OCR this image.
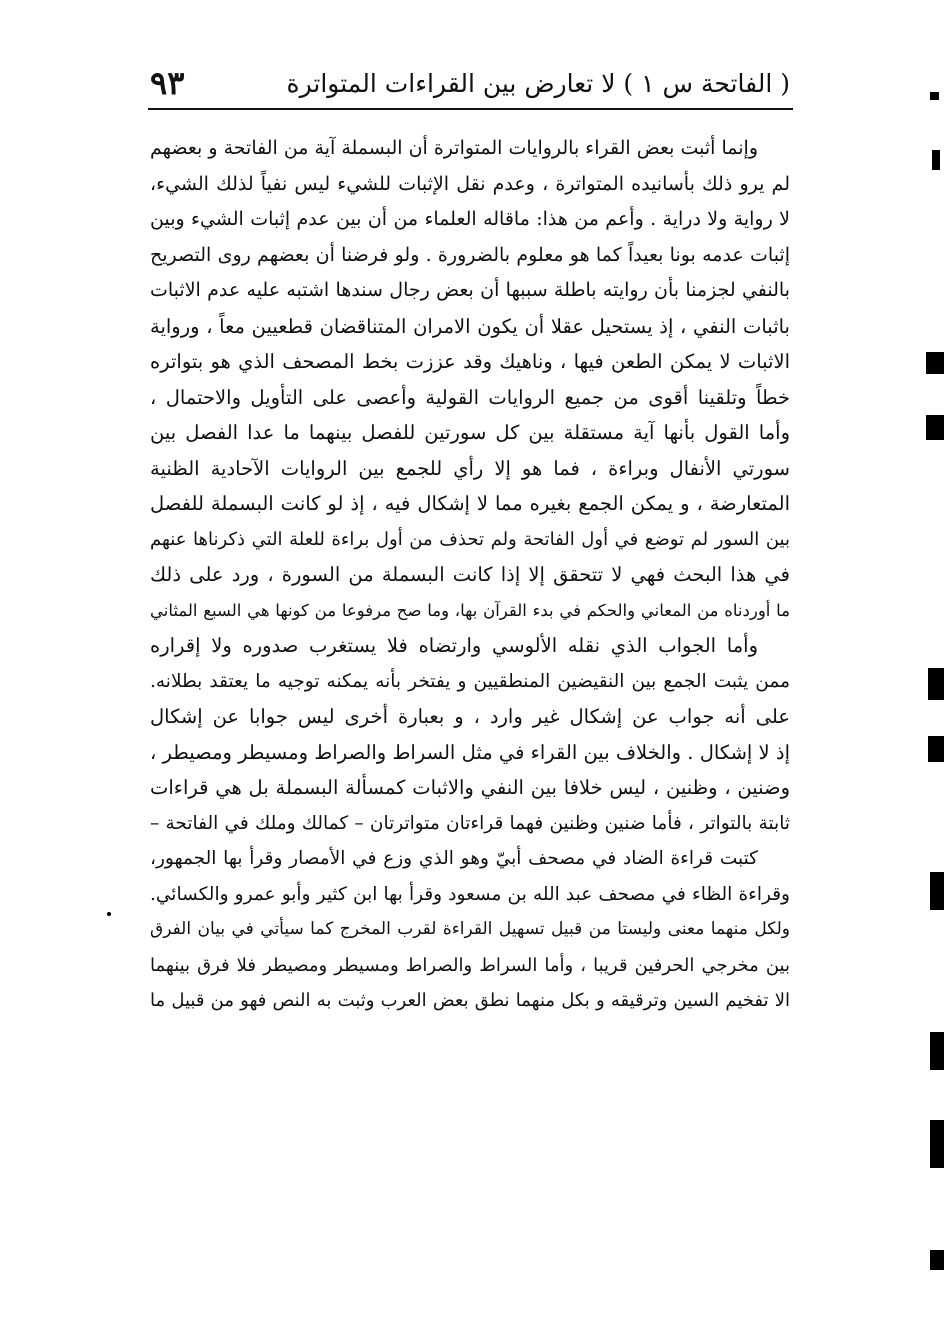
( الفاتحة س ١ ) لا تعارض بين القراءات المتواترة
٩٣
وإنما أثبت بعض القراء بالروايات المتواترة أن البسملة آية من الفاتحة و بعضهم
لم يرو ذلك بأسانيده المتواترة ، وعدم نقل الإثبات للشيء ليس نفياً لذلك الشيء،
لا رواية ولا دراية . وأعم من هذا: ماقاله العلماء من أن بين عدم إثبات الشيء وبين
إثبات عدمه بونا بعيداً كما هو معلوم بالضرورة . ولو فرضنا أن بعضهم روى التصريح
بالنفي لجزمنا بأن روايته باطلة سببها أن بعض رجال سندها اشتبه عليه عدم الاثبات
باثبات النفي ، إذ يستحيل عقلا أن يكون الامران المتناقضان قطعيين معاً ، ورواية
الاثبات لا يمكن الطعن فيها ، وناهيك وقد عززت بخط المصحف الذي هو بتواتره
خطاً وتلقينا أقوى من جميع الروايات القولية وأعصى على التأويل والاحتمال ،
وأما القول بأنها آية مستقلة بين كل سورتين للفصل بينهما ما عدا الفصل بين
سورتي الأنفال وبراءة ، فما هو إلا رأي للجمع بين الروايات الآحادية الظنية
المتعارضة ، و يمكن الجمع بغيره مما لا إشكال فيه ، إذ لو كانت البسملة للفصل
بين السور لم توضع في أول الفاتحة ولم تحذف من أول براءة للعلة التي ذكرناها عنهم
في هذا البحث فهي لا تتحقق إلا إذا كانت البسملة من السورة ، ورد على ذلك
ما أوردناه من المعاني والحكم في بدء القرآن بها، وما صح مرفوعا من كونها هي السبع المثاني
وأما الجواب الذي نقله الألوسي وارتضاه فلا يستغرب صدوره ولا إقراره
ممن يثبت الجمع بين النقيضين المنطقيين و يفتخر بأنه يمكنه توجيه ما يعتقد بطلانه.
على أنه جواب عن إشكال غير وارد ، و بعبارة أخرى ليس جوابا عن إشكال
إذ لا إشكال . والخلاف بين القراء في مثل السراط والصراط ومسيطر ومصيطر ،
وضنين ، وظنين ، ليس خلافا بين النفي والاثبات كمسألة البسملة بل هي قراءات
ثابتة بالتواتر ، فأما ضنين وظنين فهما قراءتان متواترتان – كمالك وملك في الفاتحة –
كتبت قراءة الضاد في مصحف أبيّ وهو الذي وزع في الأمصار وقرأ بها الجمهور،
وقراءة الظاء في مصحف عبد الله بن مسعود وقرأ بها ابن كثير وأبو عمرو والكسائي.
ولكل منهما معنى وليستا من قبيل تسهيل القراءة لقرب المخرج كما سيأتي في بيان الفرق
بين مخرجي الحرفين قريبا ، وأما السراط والصراط ومسيطر ومصيطر فلا فرق بينهما
الا تفخيم السين وترقيقه و بكل منهما نطق بعض العرب وثبت به النص فهو من قبيل ما
